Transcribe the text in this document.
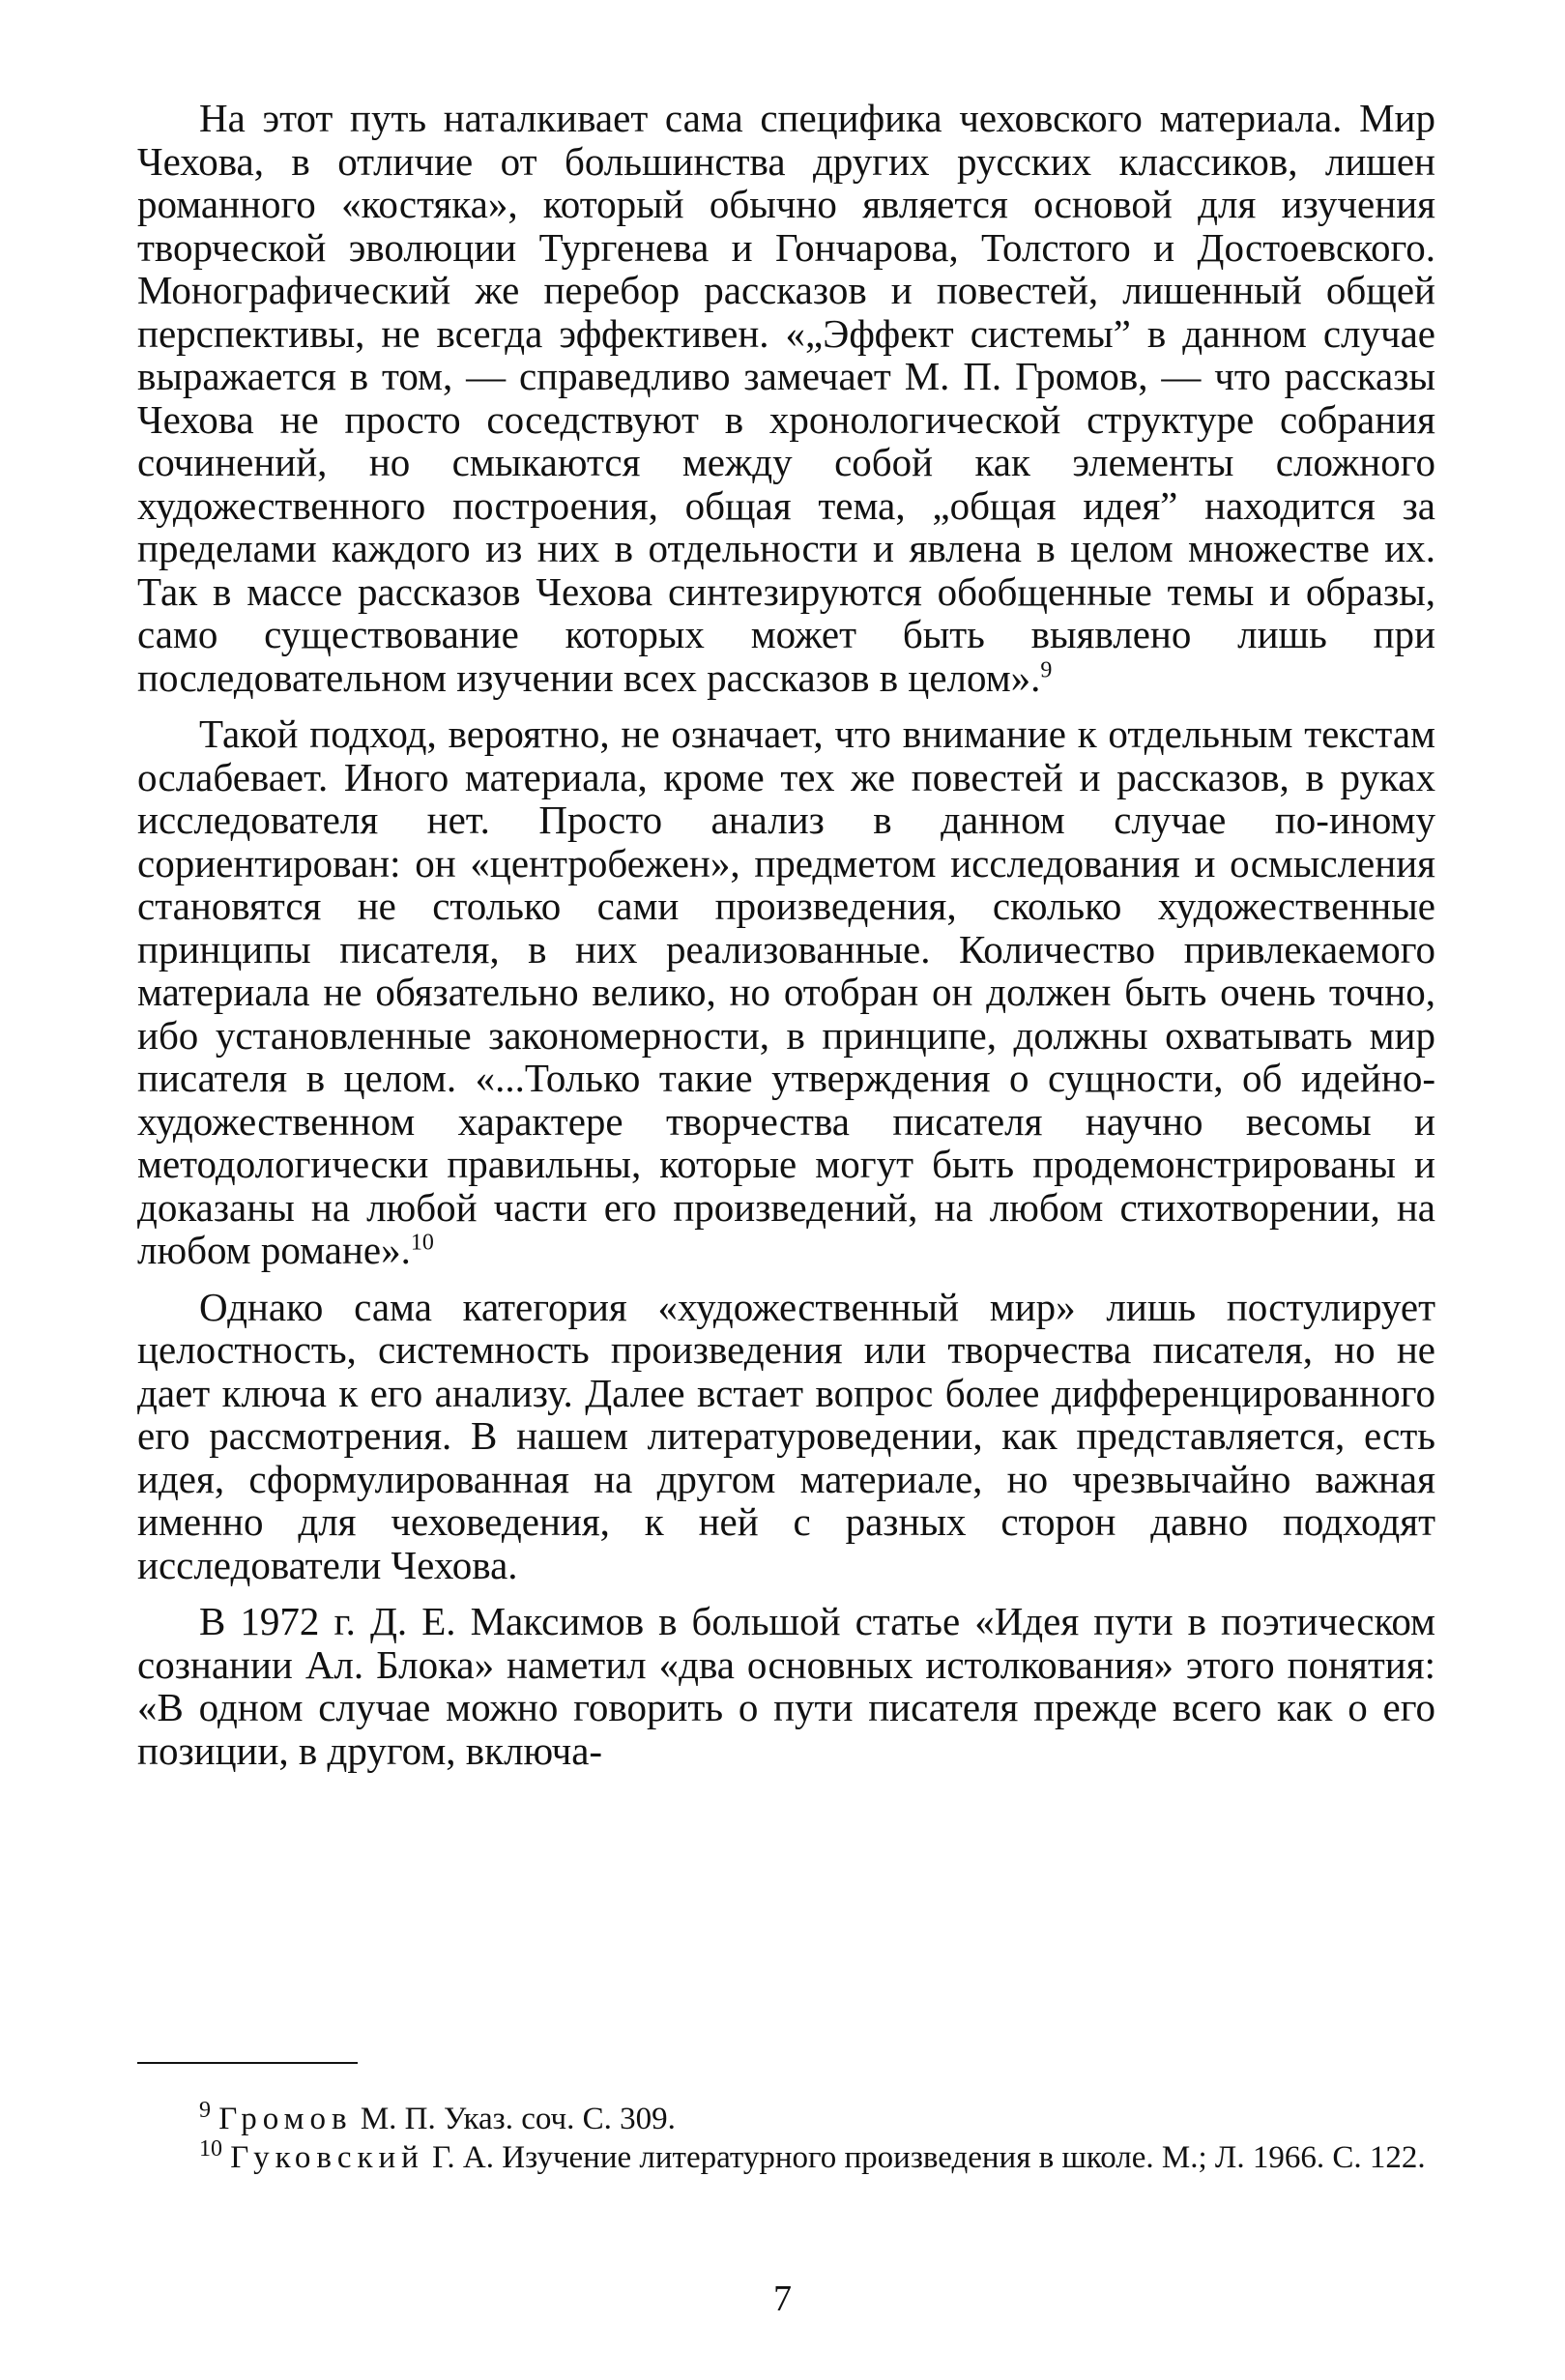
На этот путь наталкивает сама специфика чеховского материала. Мир Чехова, в отличие от большинства других русских классиков, лишен романного «костяка», который обычно является основой для изучения творческой эволюции Тургенева и Гончарова, Толстого и Достоевского. Монографический же перебор рассказов и повестей, лишенный общей перспективы, не всегда эффективен. «„Эффект системы” в данном случае выражается в том, — справедливо замечает М. П. Громов, — что рассказы Чехова не просто соседствуют в хронологической структуре собрания сочинений, но смыкаются между собой как элементы сложного художественного построения, общая тема, „общая идея” находится за пределами каждого из них в отдельности и явлена в целом множестве их. Так в массе рассказов Чехова синтезируются обобщенные темы и образы, само существование которых может быть выявлено лишь при последовательном изучении всех рассказов в целом».$^9$

Такой подход, вероятно, не означает, что внимание к отдельным текстам ослабевает. Иного материала, кроме тех же повестей и рассказов, в руках исследователя нет. Просто анализ в данном случае по-иному сориентирован: он «центробежен», предметом исследования и осмысления становятся не столько сами произведения, сколько художественные принципы писателя, в них реализованные. Количество привлекаемого материала не обязательно велико, но отобран он должен быть очень точно, ибо установленные закономерности, в принципе, должны охватывать мир писателя в целом. «...Только такие утверждения о сущности, об идейно-художественном характере творчества писателя научно весомы и методологически правильны, которые могут быть продемонстрированы и доказаны на любой части его произведений, на любом стихотворении, на любом романе».$^{10}$

Однако сама категория «художественный мир» лишь постулирует целостность, системность произведения или творчества писателя, но не дает ключа к его анализу. Далее встает вопрос более дифференцированного его рассмотрения. В нашем литературоведении, как представляется, есть идея, сформулированная на другом материале, но чрезвычайно важная именно для чеховедения, к ней с разных сторон давно подходят исследователи Чехова.

В 1972 г. Д. Е. Максимов в большой статье «Идея пути в поэтическом сознании Ал. Блока» наметил «два основных истолкования» этого понятия: «В одном случае можно говорить о пути писателя прежде всего как о его позиции, в другом, включа-

$^9$ Громов М. П. Указ. соч. С. 309.

$^{10}$ Гуковский Г. А. Изучение литературного произведения в школе. М.; Л. 1966. С. 122.

7
